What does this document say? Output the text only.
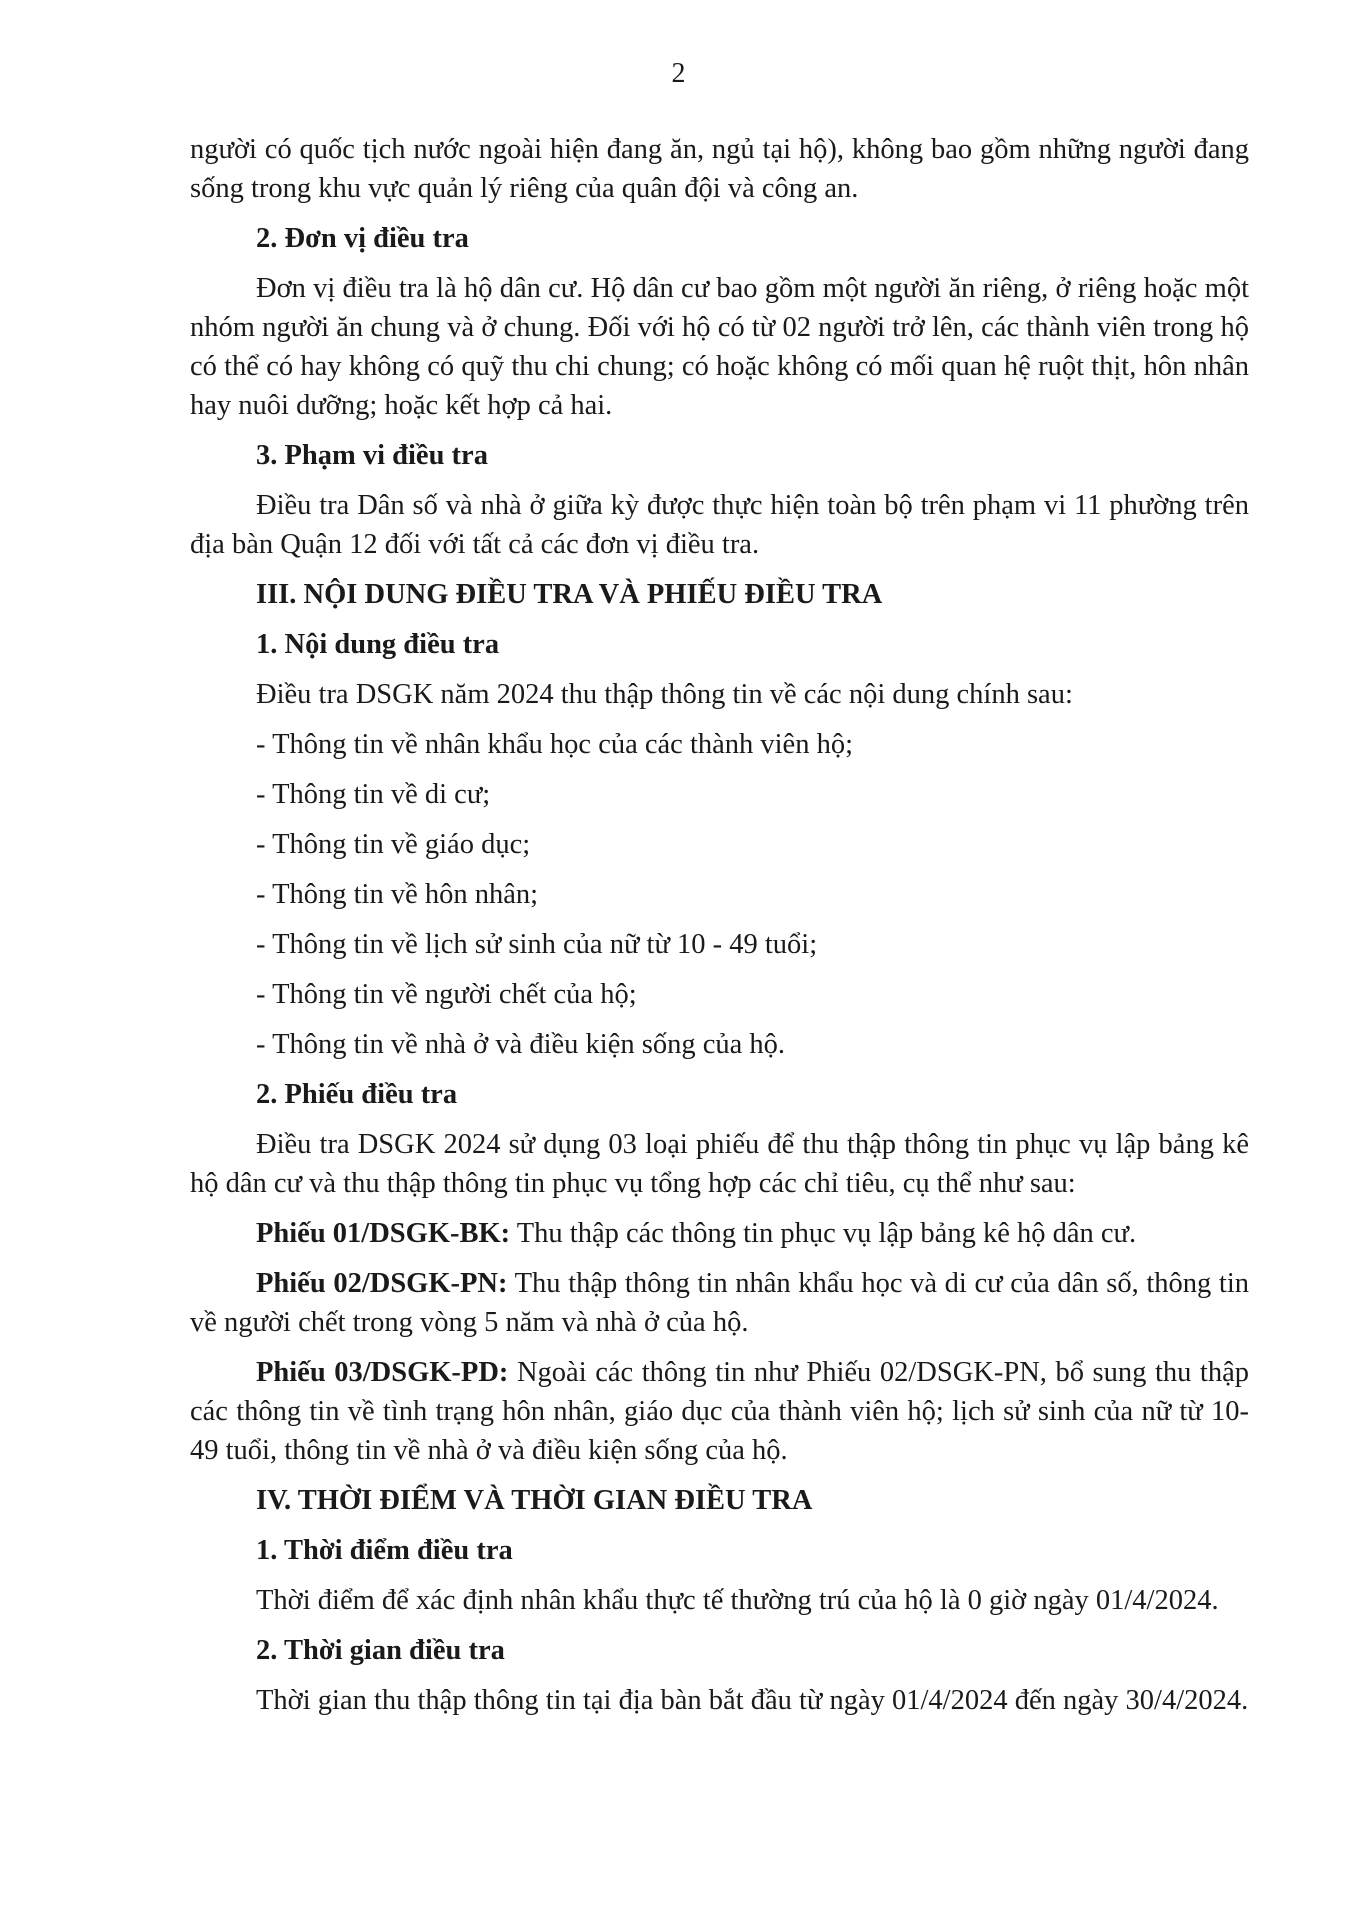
2

người có quốc tịch nước ngoài hiện đang ăn, ngủ tại hộ), không bao gồm những người đang sống trong khu vực quản lý riêng của quân đội và công an.

2. Đơn vị điều tra

Đơn vị điều tra là hộ dân cư. Hộ dân cư bao gồm một người ăn riêng, ở riêng hoặc một nhóm người ăn chung và ở chung. Đối với hộ có từ 02 người trở lên, các thành viên trong hộ có thể có hay không có quỹ thu chi chung; có hoặc không có mối quan hệ ruột thịt, hôn nhân hay nuôi dưỡng; hoặc kết hợp cả hai.

3. Phạm vi điều tra

Điều tra Dân số và nhà ở giữa kỳ được thực hiện toàn bộ trên phạm vi 11 phường trên địa bàn Quận 12 đối với tất cả các đơn vị điều tra.

III. NỘI DUNG ĐIỀU TRA VÀ PHIẾU ĐIỀU TRA

1. Nội dung điều tra

Điều tra DSGK năm 2024 thu thập thông tin về các nội dung chính sau:

- Thông tin về nhân khẩu học của các thành viên hộ;

- Thông tin về di cư;

- Thông tin về giáo dục;

- Thông tin về hôn nhân;

- Thông tin về lịch sử sinh của nữ từ 10 - 49 tuổi;

- Thông tin về người chết của hộ;

- Thông tin về nhà ở và điều kiện sống của hộ.

2. Phiếu điều tra

Điều tra DSGK 2024 sử dụng 03 loại phiếu để thu thập thông tin phục vụ lập bảng kê hộ dân cư và thu thập thông tin phục vụ tổng hợp các chỉ tiêu, cụ thể như sau:

Phiếu 01/DSGK-BK: Thu thập các thông tin phục vụ lập bảng kê hộ dân cư.

Phiếu 02/DSGK-PN: Thu thập thông tin nhân khẩu học và di cư của dân số, thông tin về người chết trong vòng 5 năm và nhà ở của hộ.

Phiếu 03/DSGK-PD: Ngoài các thông tin như Phiếu 02/DSGK-PN, bổ sung thu thập các thông tin về tình trạng hôn nhân, giáo dục của thành viên hộ; lịch sử sinh của nữ từ 10-49 tuổi, thông tin về nhà ở và điều kiện sống của hộ.

IV. THỜI ĐIỂM VÀ THỜI GIAN ĐIỀU TRA

1. Thời điểm điều tra

Thời điểm để xác định nhân khẩu thực tế thường trú của hộ là 0 giờ ngày 01/4/2024.

2. Thời gian điều tra

Thời gian thu thập thông tin tại địa bàn bắt đầu từ ngày 01/4/2024 đến ngày 30/4/2024.
